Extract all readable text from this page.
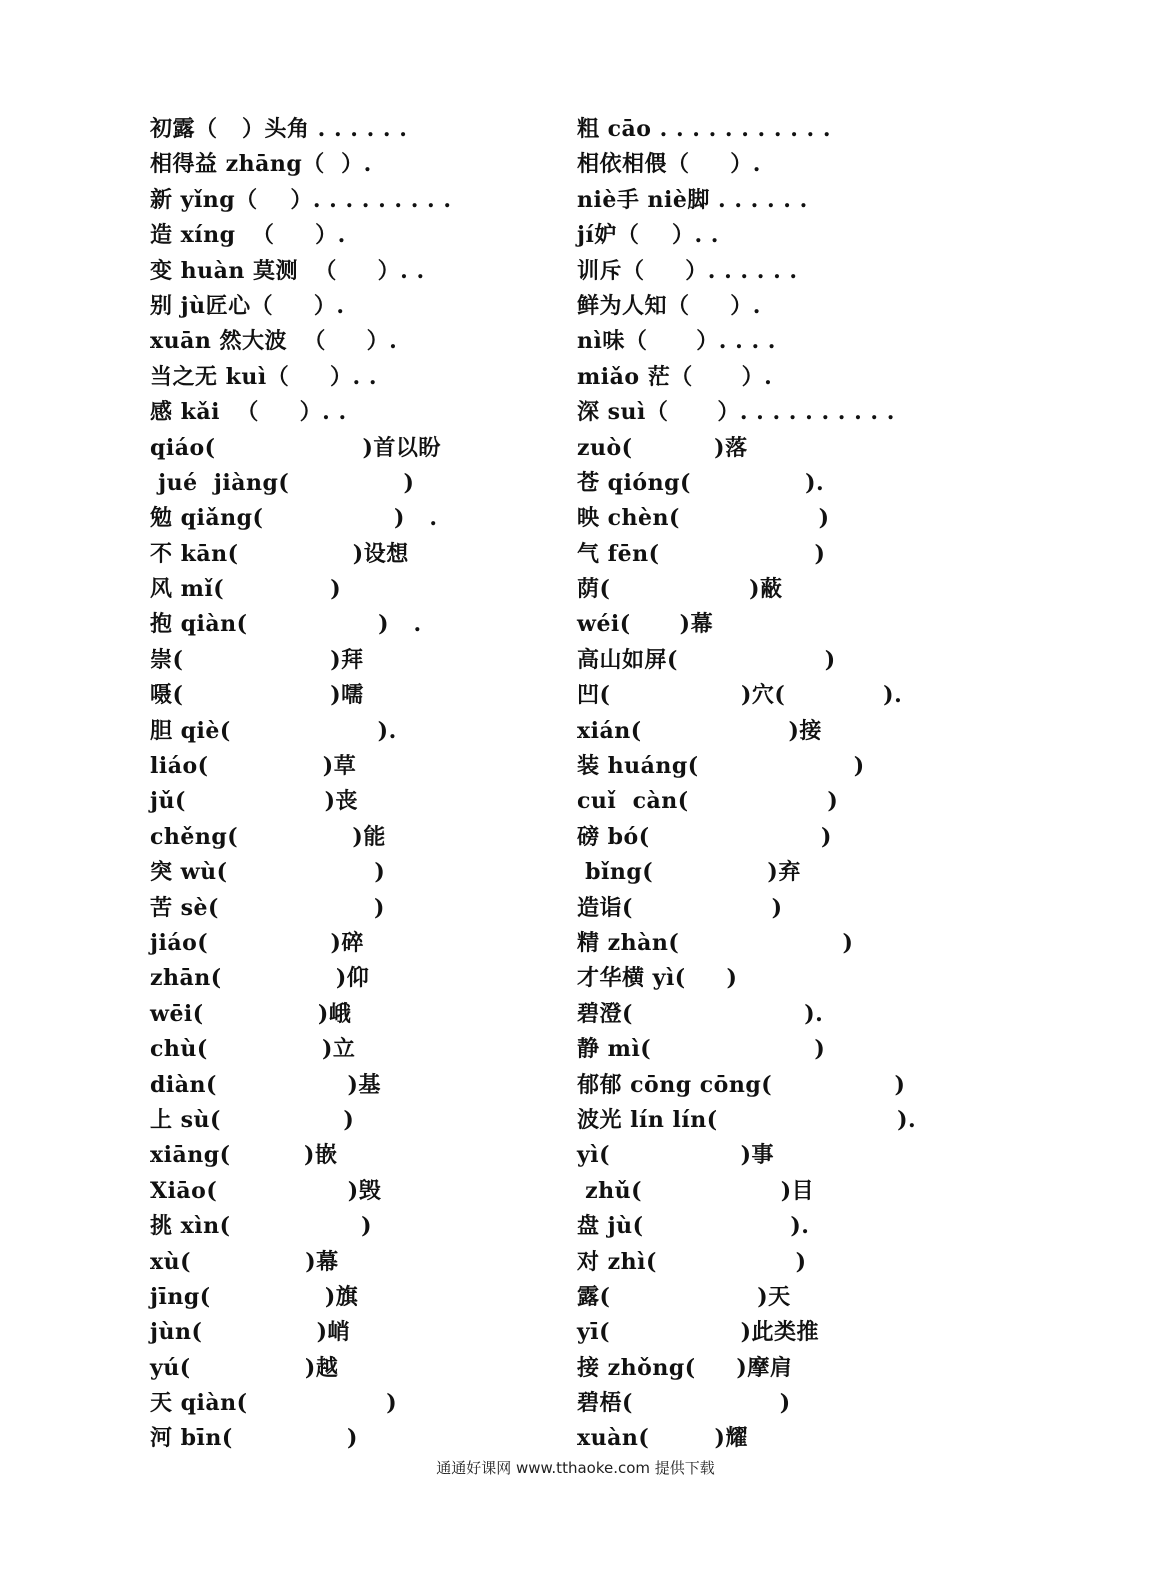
初露（   ）头角 . . . . . .
相得益 zhāng（  ）.
新 yǐng（    ）. . . . . . . . .
造 xíng  （     ）.
变 huàn 莫测  （     ）. .
别 jù匠心（     ）.
xuān 然大波  （     ）.
当之无 kuì（     ）. .
感 kǎi  （     ）. .
qiáo(                  )首以盼
jué  jiàng(              )
勉 qiǎng(                )   .
不 kān(              )设想
风 mǐ(             )
抱 qiàn(                )   .
崇(                  )拜
嗫(                  )嚅
胆 qiè(                  ).
liáo(              )草
jǔ(                 )丧
chěng(              )能
突 wù(                  )
苦 sè(                   )
jiáo(               )碎
zhān(              )仰
wēi(              )峨
chù(              )立
diàn(                )基
上 sù(               )
xiāng(         )嵌
Xiāo(                )毁
挑 xìn(                )
xù(              )幕
jīng(              )旗
jùn(              )峭
yú(              )越
天 qiàn(                 )
河 bīn(              )
粗 cāo . . . . . . . . . . .
相依相偎（     ）.
niè手 niè脚 . . . . . .
jí妒（    ）. .
训斥（     ）. . . . . .
鲜为人知（     ）.
nì味（      ）. . . .
miǎo 茫（      ）.
深 suì（      ）. . . . . . . . . .
zuò(          )落
苍 qióng(              ).
映 chèn(                 )
气 fēn(                   )
荫(                 )蔽
wéi(      )幕
高山如屏(                  )
凹(                )穴(            ).
xián(                  )接
装 huáng(                   )
cuǐ  càn(                 )
磅 bó(                     )
bǐng(              )弃
造诣(                 )
精 zhàn(                    )
才华横 yì(     )
碧澄(                     ).
静 mì(                    )
郁郁 cōng cōng(               )
波光 lín lín(                      ).
yì(                )事
zhǔ(                 )目
盘 jù(                  ).
对 zhì(                 )
露(                  )天
yī(                )此类推
接 zhǒng(     )摩肩
碧梧(                  )
xuàn(        )耀
通通好课网 www.tthaoke.com 提供下载
